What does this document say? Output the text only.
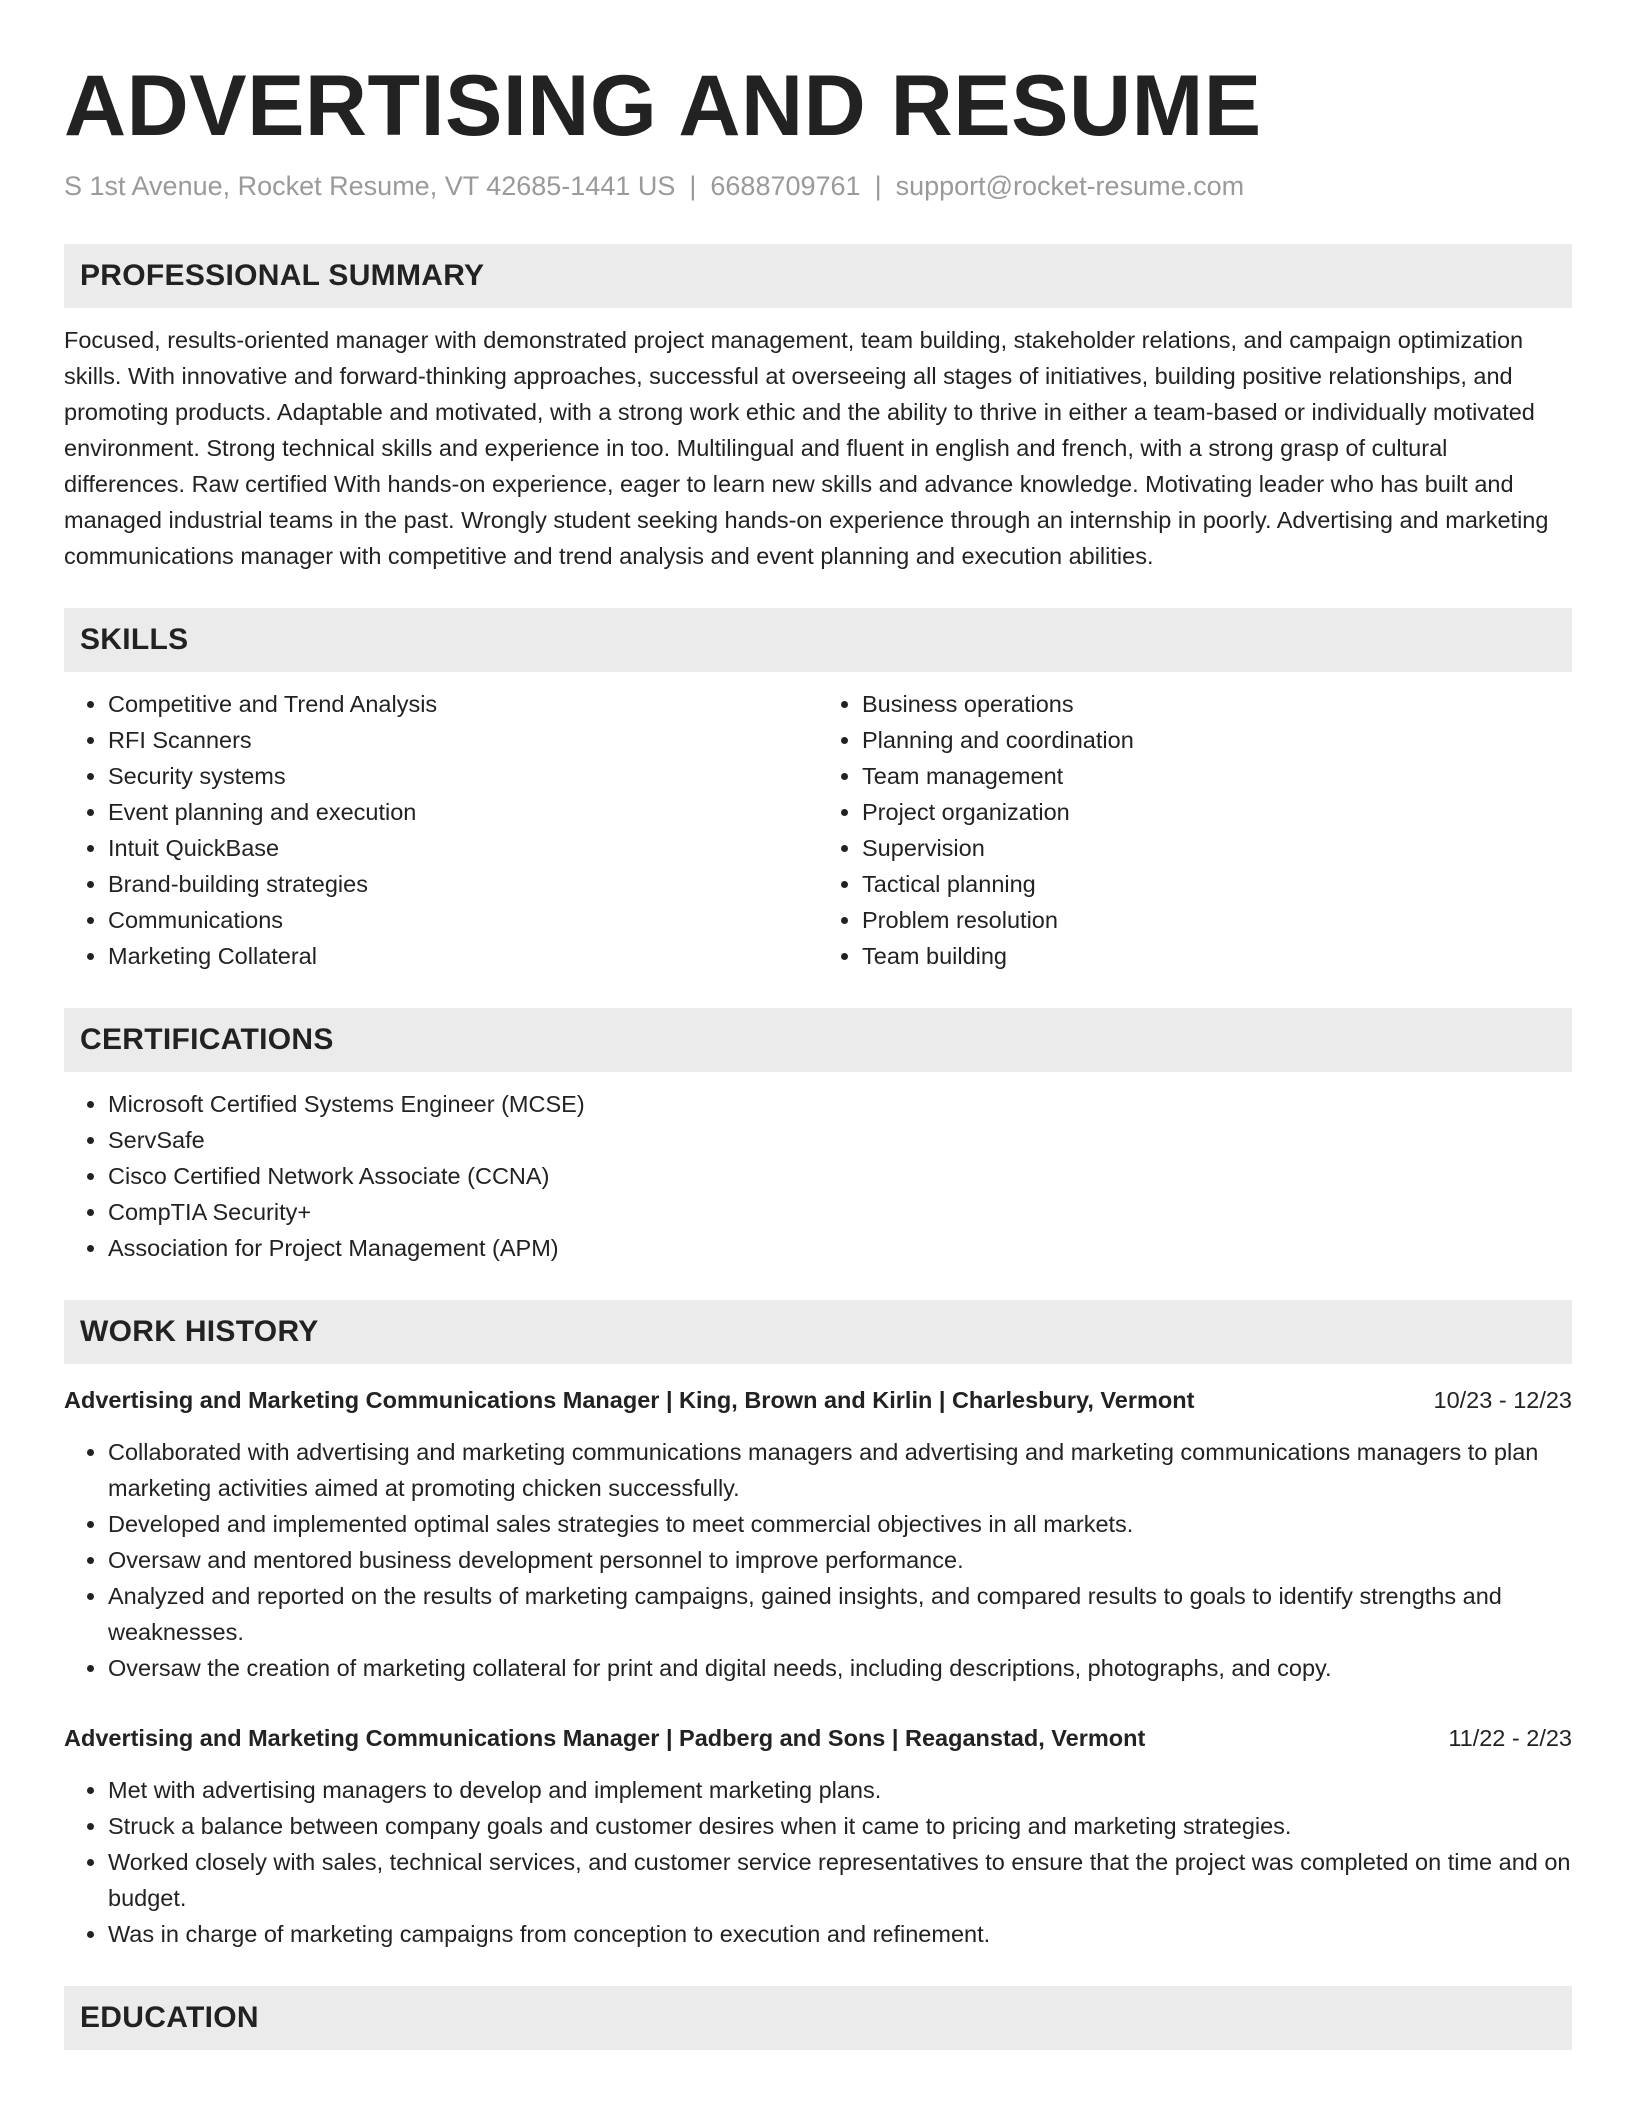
ADVERTISING AND RESUME
S 1st Avenue, Rocket Resume, VT 42685-1441 US | 6688709761 | support@rocket-resume.com
PROFESSIONAL SUMMARY

Focused, results-oriented manager with demonstrated project management, team building, stakeholder relations, and campaign optimization skills. With innovative and forward-thinking approaches, successful at overseeing all stages of initiatives, building positive relationships, and promoting products. Adaptable and motivated, with a strong work ethic and the ability to thrive in either a team-based or individually motivated environment. Strong technical skills and experience in too. Multilingual and fluent in english and french, with a strong grasp of cultural differences. Raw certified With hands-on experience, eager to learn new skills and advance knowledge. Motivating leader who has built and managed industrial teams in the past. Wrongly student seeking hands-on experience through an internship in poorly. Advertising and marketing communications manager with competitive and trend analysis and event planning and execution abilities.

SKILLS
• Competitive and Trend Analysis
• RFI Scanners
• Security systems
• Event planning and execution
• Intuit QuickBase
• Brand-building strategies
• Communications
• Marketing Collateral
• Business operations
• Planning and coordination
• Team management
• Project organization
• Supervision
• Tactical planning
• Problem resolution
• Team building
CERTIFICATIONS
• Microsoft Certified Systems Engineer (MCSE)
• ServSafe
• Cisco Certified Network Associate (CCNA)
• CompTIA Security+
• Association for Project Management (APM)
WORK HISTORY
Advertising and Marketing Communications Manager | King, Brown and Kirlin | Charlesbury, Vermont	10/23 - 12/23
• Collaborated with advertising and marketing communications managers and advertising and marketing communications managers to plan marketing activities aimed at promoting chicken successfully.
• Developed and implemented optimal sales strategies to meet commercial objectives in all markets.
• Oversaw and mentored business development personnel to improve performance.
• Analyzed and reported on the results of marketing campaigns, gained insights, and compared results to goals to identify strengths and weaknesses.
• Oversaw the creation of marketing collateral for print and digital needs, including descriptions, photographs, and copy.
Advertising and Marketing Communications Manager | Padberg and Sons | Reaganstad, Vermont	11/22 - 2/23
• Met with advertising managers to develop and implement marketing plans.
• Struck a balance between company goals and customer desires when it came to pricing and marketing strategies.
• Worked closely with sales, technical services, and customer service representatives to ensure that the project was completed on time and on budget.
• Was in charge of marketing campaigns from conception to execution and refinement.
EDUCATION
